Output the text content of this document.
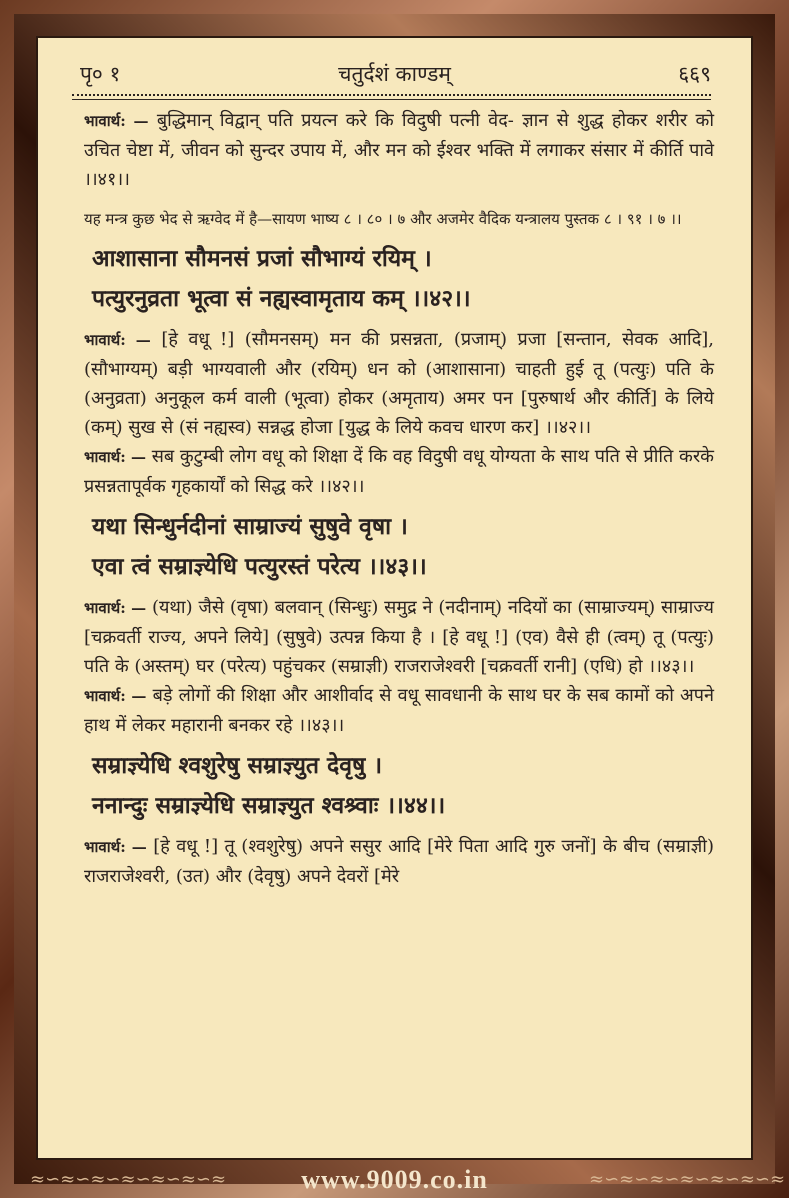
पृ० १	चतुर्दशं काण्डम्	६६९

भावार्थ: — बुद्धिमान् विद्वान् पति प्रयत्न करे कि विदुषी पत्नी वेद- ज्ञान से शुद्ध होकर शरीर को उचित चेष्टा में, जीवन को सुन्दर उपाय में, और मन को ईश्वर भक्ति में लगाकर संसार में कीर्ति पावे ।।४१।।

यह मन्त्र कुछ भेद से ऋग्वेद में है—सायण भाष्य ८ । ८० । ७ और अजमेर वैदिक यन्त्रालय पुस्तक ८ । ९१ । ७ ।।

आशासाना सौमनसं प्रजां सौभाग्यं रयिम् ।
पत्युरनुव्रता भूत्वा सं नह्यस्वामृताय कम् ।।४२।।

भावार्थ: — [हे वधू !] (सौमनसम्) मन की प्रसन्नता, (प्रजाम्) प्रजा [सन्तान, सेवक आदि], (सौभाग्यम्) बड़ी भाग्यवाली और (रयिम्) धन को (आशासाना) चाहती हुई तू (पत्युः) पति के (अनुव्रता) अनुकूल कर्म वाली (भूत्वा) होकर (अमृताय) अमर पन [पुरुषार्थ और कीर्ति] के लिये (कम्) सुख से (सं नह्यस्व) सन्नद्ध होजा [युद्ध के लिये कवच धारण कर] ।।४२।।

भावार्थ: — सब कुटुम्बी लोग वधू को शिक्षा दें कि वह विदुषी वधू योग्यता के साथ पति से प्रीति करके प्रसन्नतापूर्वक गृहकार्यों को सिद्ध करे ।।४२।।

यथा सिन्धुर्नदीनां साम्राज्यं सुषुवे वृषा ।
एवा त्वं सम्राज्ञ्येधि पत्युरस्तं परेत्य ।।४३।।

भावार्थ: — (यथा) जैसे (वृषा) बलवान् (सिन्धुः) समुद्र ने (नदीनाम्) नदियों का (साम्राज्यम्) साम्राज्य [चक्रवर्ती राज्य, अपने लिये] (सुषुवे) उत्पन्न किया है । [हे वधू !] (एव) वैसे ही (त्वम्) तू (पत्युः) पति के (अस्तम्) घर (परेत्य) पहुंचकर (सम्राज्ञी) राजराजेश्वरी [चक्रवर्ती रानी] (एधि) हो ।।४३।।

भावार्थ: — बड़े लोगों की शिक्षा और आशीर्वाद से वधू सावधानी के साथ घर के सब कामों को अपने हाथ में लेकर महारानी बनकर रहे ।।४३।।

सम्राज्ञ्येधि श्वशुरेषु सम्राज्ञ्युत देवृषु ।
ननान्दुः सम्राज्ञ्येधि सम्राज्ञ्युत श्वश्र्वाः ।।४४।।

भावार्थ: — [हे वधू !] तू (श्वशुरेषु) अपने ससुर आदि [मेरे पिता आदि गुरु जनों] के बीच (सम्राज्ञी) राजराजेश्वरी, (उत) और (देवृषु) अपने देवरों [मेरे

≈∽≈∽≈∽≈∽≈∽≈∽≈	≈∽≈∽≈∽≈∽≈∽≈∽≈
www.9009.co.in
